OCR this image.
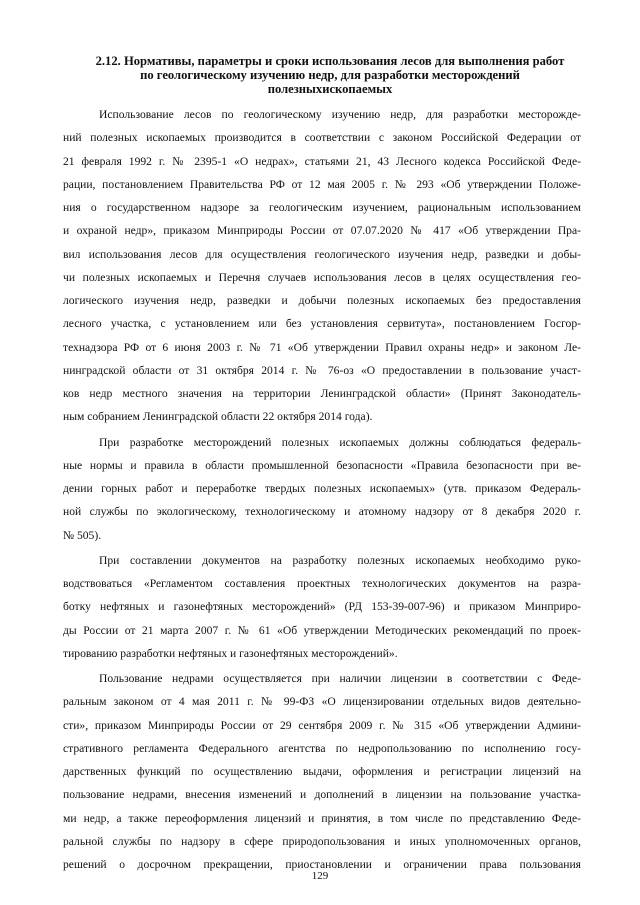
2.12. Нормативы, параметры и сроки использования лесов для выполнения работ
по геологическому изучению недр, для разработки месторождений
полезныхископаемых
Использование лесов по геологическому изучению недр, для разработки месторожде-
ний полезных ископаемых производится в соответствии с законом Российской Федерации от
21 февраля 1992 г. № 2395-1 «О недрах», статьями 21, 43 Лесного кодекса Российской Феде-
рации, постановлением Правительства РФ от 12 мая 2005 г. № 293 «Об утверждении Положе-
ния о государственном надзоре за геологическим изучением, рациональным использованием
и охраной недр», приказом Минприроды России от 07.07.2020 № 417 «Об утверждении Пра-
вил использования лесов для осуществления геологического изучения недр, разведки и добы-
чи полезных ископаемых и Перечня случаев использования лесов в целях осуществления гео-
логического изучения недр, разведки и добычи полезных ископаемых без предоставления
лесного участка, с установлением или без установления сервитута», постановлением Госгор-
технадзора РФ от 6 июня 2003 г. № 71 «Об утверждении Правил охраны недр» и законом Ле-
нинградской области от 31 октября 2014 г. № 76-оз «О предоставлении в пользование участ-
ков недр местного значения на территории Ленинградской области» (Принят Законодатель-
ным собранием Ленинградской области 22 октября 2014 года).
При разработке месторождений полезных ископаемых должны соблюдаться федераль-
ные нормы и правила в области промышленной безопасности «Правила безопасности при ве-
дении горных работ и переработке твердых полезных ископаемых» (утв. приказом Федераль-
ной службы по экологическому, технологическому и атомному надзору от 8 декабря 2020 г.
№ 505).
При составлении документов на разработку полезных ископаемых необходимо руко-
водствоваться «Регламентом составления проектных технологических документов на разра-
ботку нефтяных и газонефтяных месторождений» (РД 153-39-007-96) и приказом Минприро-
ды России от 21 марта 2007 г. № 61 «Об утверждении Методических рекомендаций по проек-
тированию разработки нефтяных и газонефтяных месторождений».
Пользование недрами осуществляется при наличии лицензии в соответствии с Феде-
ральным законом от 4 мая 2011 г. № 99-ФЗ «О лицензировании отдельных видов деятельно-
сти», приказом Минприроды России от 29 сентября 2009 г. № 315 «Об утверждении Админи-
стративного регламента Федерального агентства по недропользованию по исполнению госу-
дарственных функций по осуществлению выдачи, оформления и регистрации лицензий на
пользование недрами, внесения изменений и дополнений в лицензии на пользование участка-
ми недр, а также переоформления лицензий и принятия, в том числе по представлению Феде-
ральной службы по надзору в сфере природопользования и иных уполномоченных органов,
решений о досрочном прекращении, приостановлении и ограничении права пользования
129
